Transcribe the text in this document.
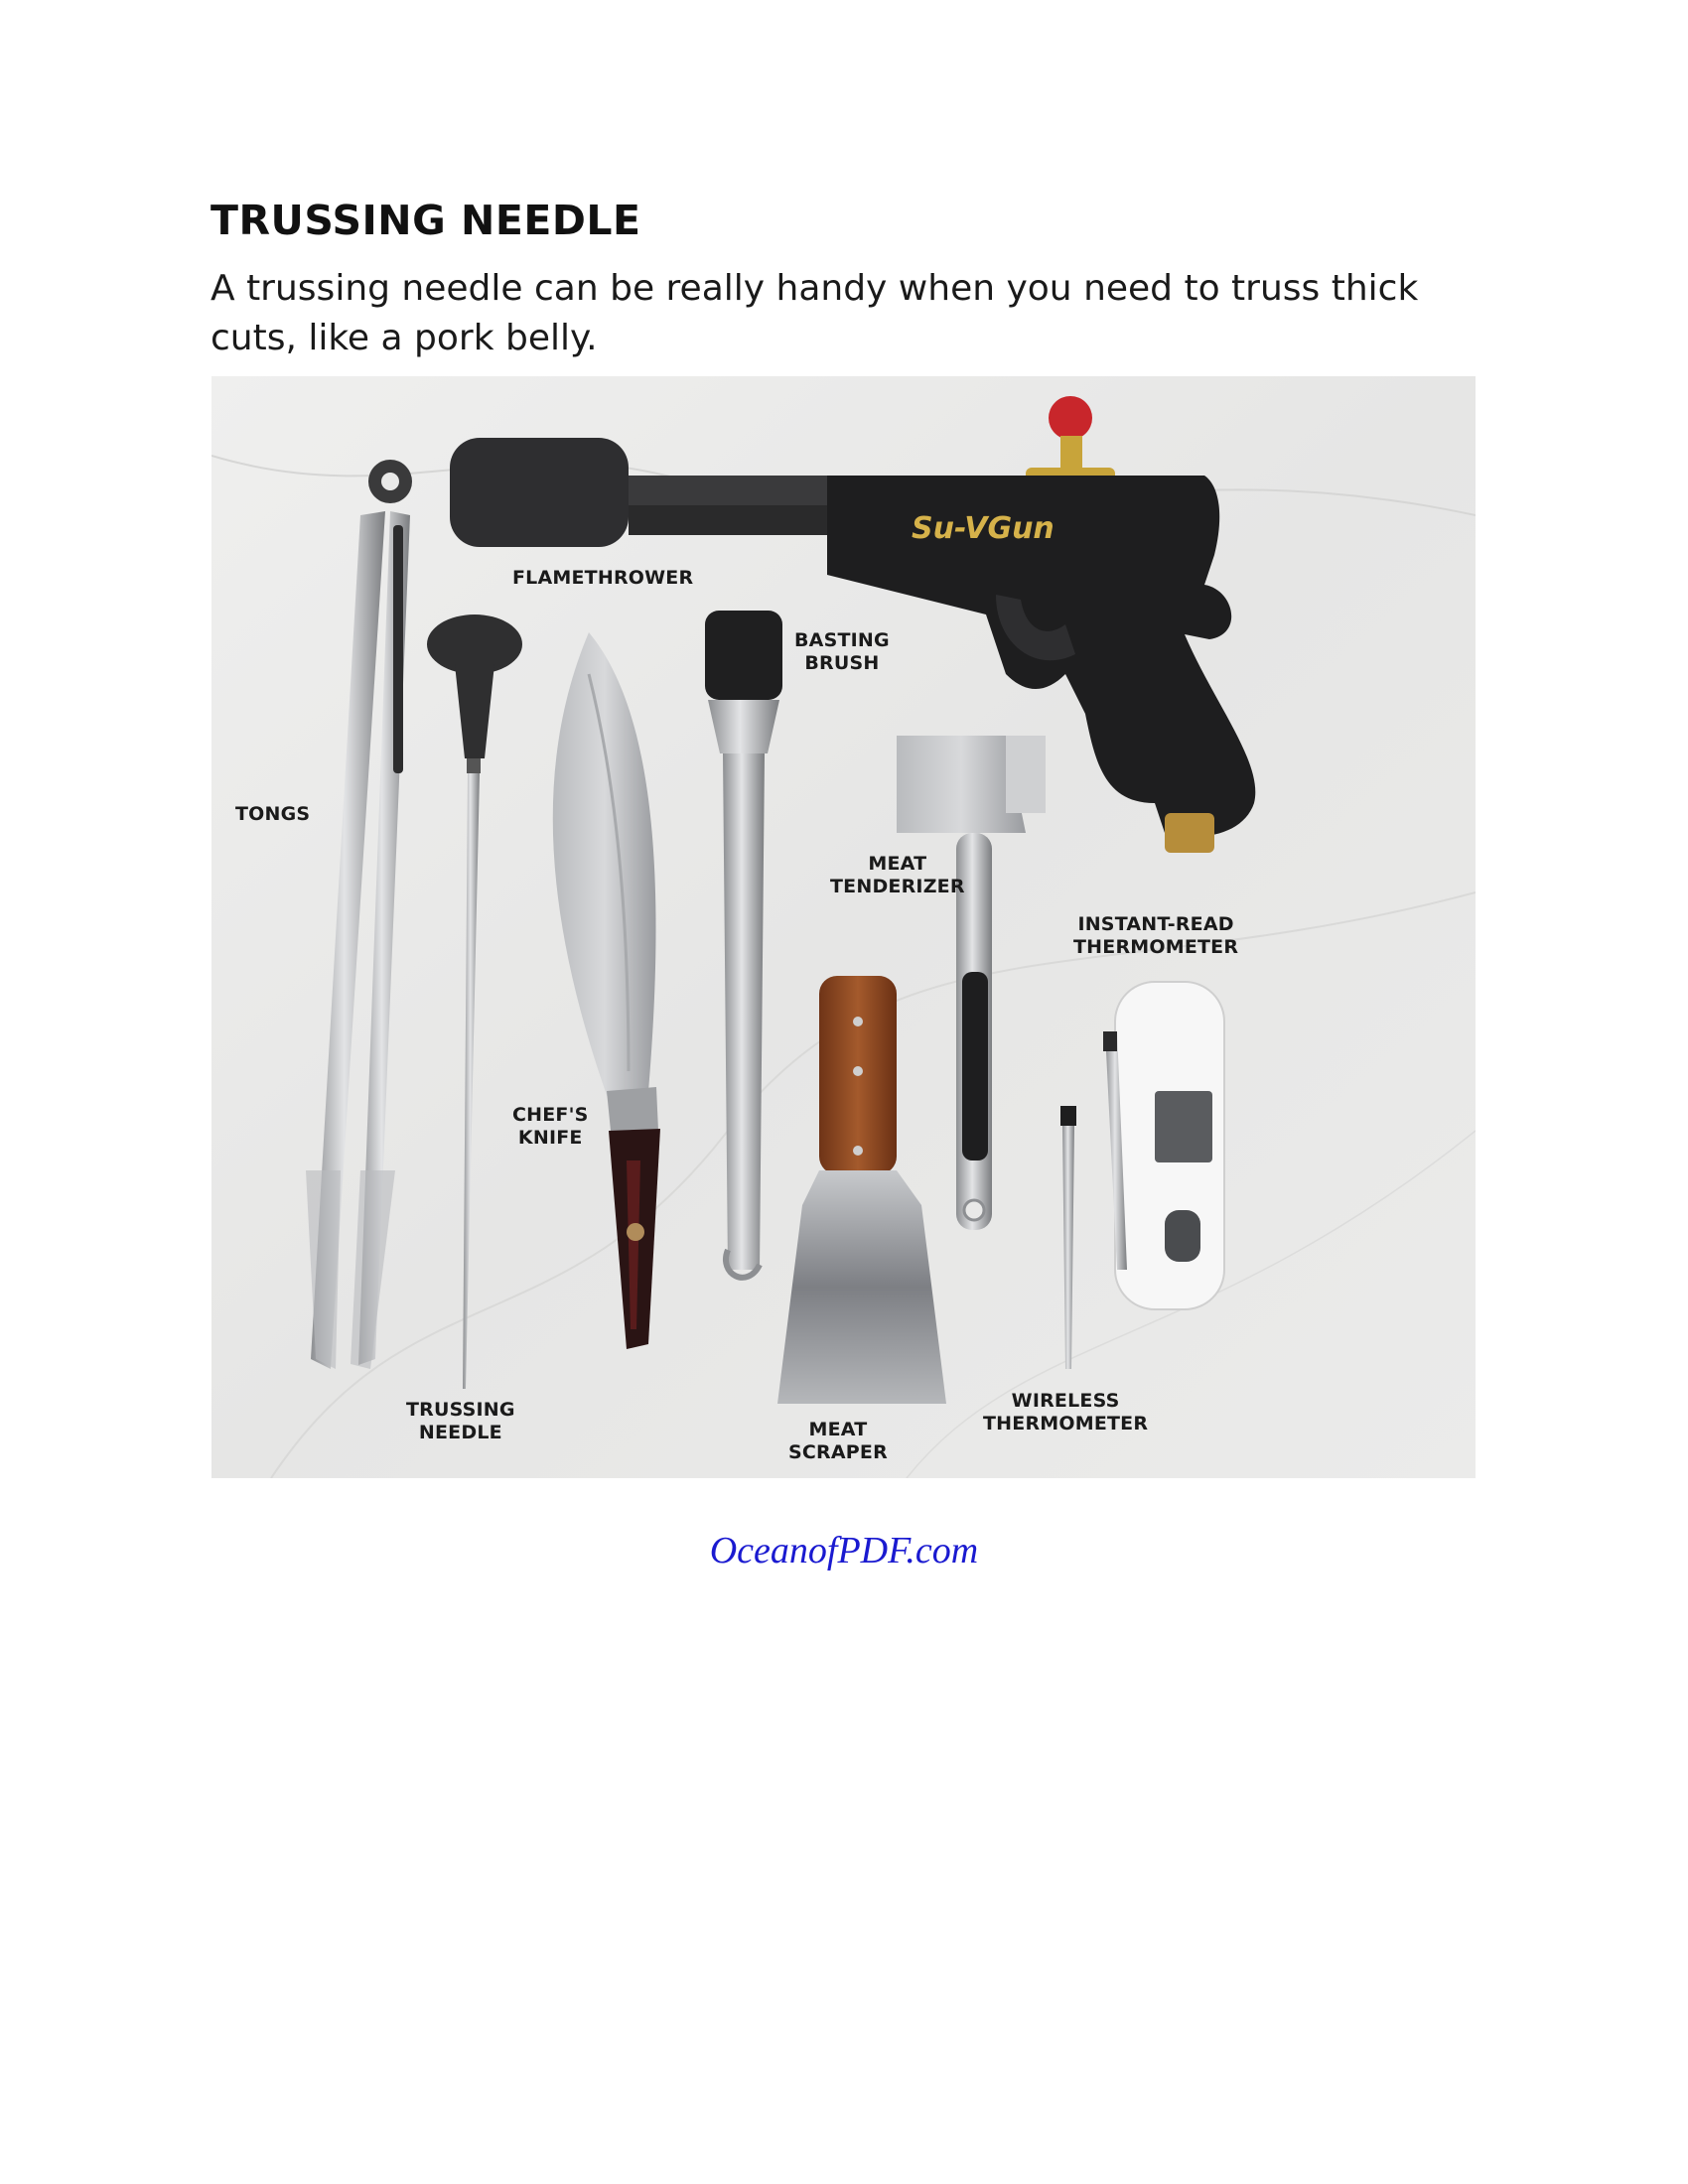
TRUSSING NEEDLE

A trussing needle can be really handy when you need to truss thick cuts, like a pork belly.

Su-VGun
FLAMETHROWER
BASTING
BRUSH
TONGS
MEAT
TENDERIZER
INSTANT-READ
THERMOMETER
CHEF'S
KNIFE
TRUSSING
NEEDLE	MEAT
SCRAPER
WIRELESS
THERMOMETER
OceanofPDF.com
